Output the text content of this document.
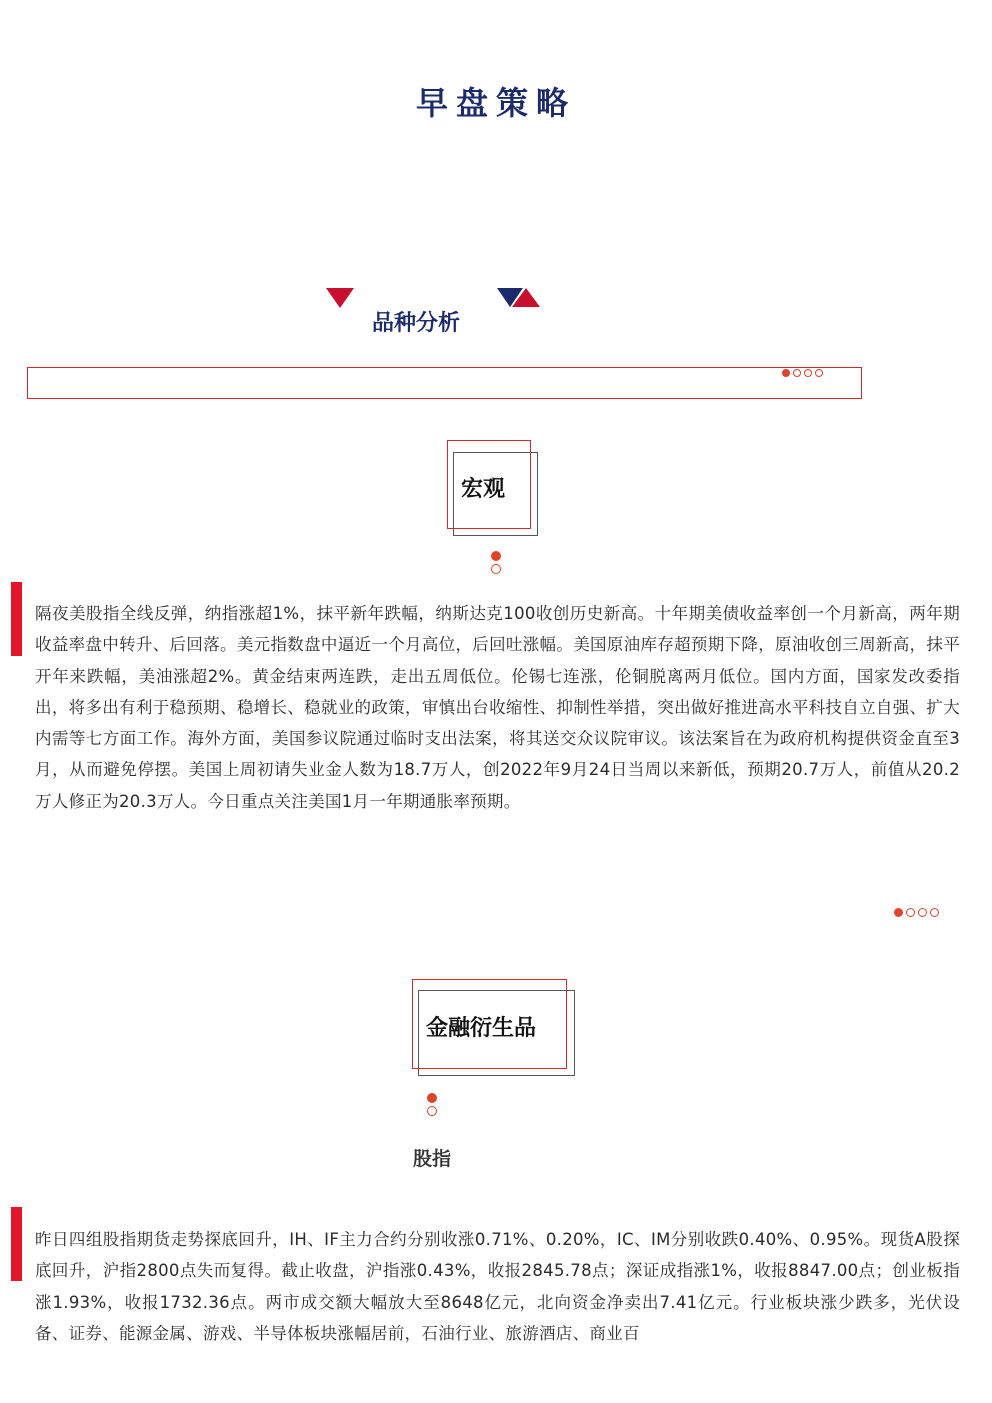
早盘策略
品种分析
宏观
隔夜美股指全线反弹，纳指涨超1%，抹平新年跌幅，纳斯达克100收创历史新高。十年期美债收益率创一个月新高，两年期收益率盘中转升、后回落。美元指数盘中逼近一个月高位，后回吐涨幅。美国原油库存超预期下降，原油收创三周新高，抹平开年来跌幅，美油涨超2%。黄金结束两连跌，走出五周低位。伦锡七连涨，伦铜脱离两月低位。国内方面，国家发改委指出，将多出有利于稳预期、稳增长、稳就业的政策，审慎出台收缩性、抑制性举措，突出做好推进高水平科技自立自强、扩大内需等七方面工作。海外方面，美国参议院通过临时支出法案，将其送交众议院审议。该法案旨在为政府机构提供资金直至3月，从而避免停摆。美国上周初请失业金人数为18.7万人，创2022年9月24日当周以来新低，预期20.7万人，前值从20.2万人修正为20.3万人。今日重点关注美国1月一年期通胀率预期。
金融衍生品
股指
昨日四组股指期货走势探底回升，IH、IF主力合约分别收涨0.71%、0.20%，IC、IM分别收跌0.40%、0.95%。现货A股探底回升，沪指2800点失而复得。截止收盘，沪指涨0.43%，收报2845.78点；深证成指涨1%，收报8847.00点；创业板指涨1.93%，收报1732.36点。两市成交额大幅放大至8648亿元，北向资金净卖出7.41亿元。行业板块涨少跌多，光伏设备、证券、能源金属、游戏、半导体板块涨幅居前，石油行业、旅游酒店、商业百
